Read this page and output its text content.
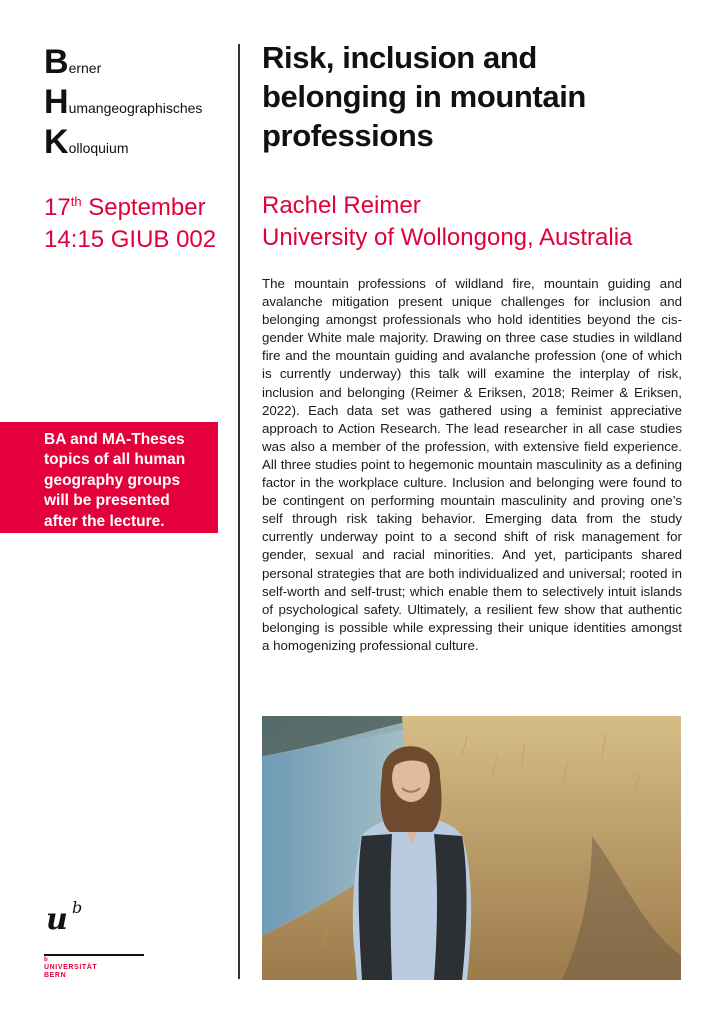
B erner
H umangeographisches
K olloquium
17th September
14:15 GIUB 002
BA and MA-Theses
topics of all human
geography groups
will be presented
after the lecture.
u b
b
UNIVERSITÄT
BERN
Risk, inclusion and
belonging in mountain
professions
Rachel Reimer
University of Wollongong, Australia

The mountain professions of wildland fire, mountain guiding and avalanche mitigation present unique challenges for inclusion and belonging amongst professionals who hold identities beyond the cis-gender White male majority. Drawing on three case studies in wildland fire and the mountain guiding and avalanche profession (one of which is currently underway) this talk will examine the interplay of risk, inclusion and belonging (Reimer & Eriksen, 2018; Reimer & Eriksen, 2022). Each data set was gathered using a feminist appreciative approach to Action Research. The lead researcher in all case studies was also a member of the profession, with extensive field experience. All three studies point to hegemonic mountain masculinity as a defining factor in the workplace culture. Inclusion and belonging were found to be contingent on performing mountain masculinity and proving one’s self through risk taking behavior. Emerging data from the study currently underway point to a second shift of risk management for gender, sexual and racial minorities. And yet, participants shared personal strategies that are both individualized and universal; rooted in self-worth and self-trust; which enable them to selectively intuit islands of psychological safety. Ultimately, a resilient few show that authentic belonging is possible while expressing their unique identities amongst a homogenizing professional culture.
